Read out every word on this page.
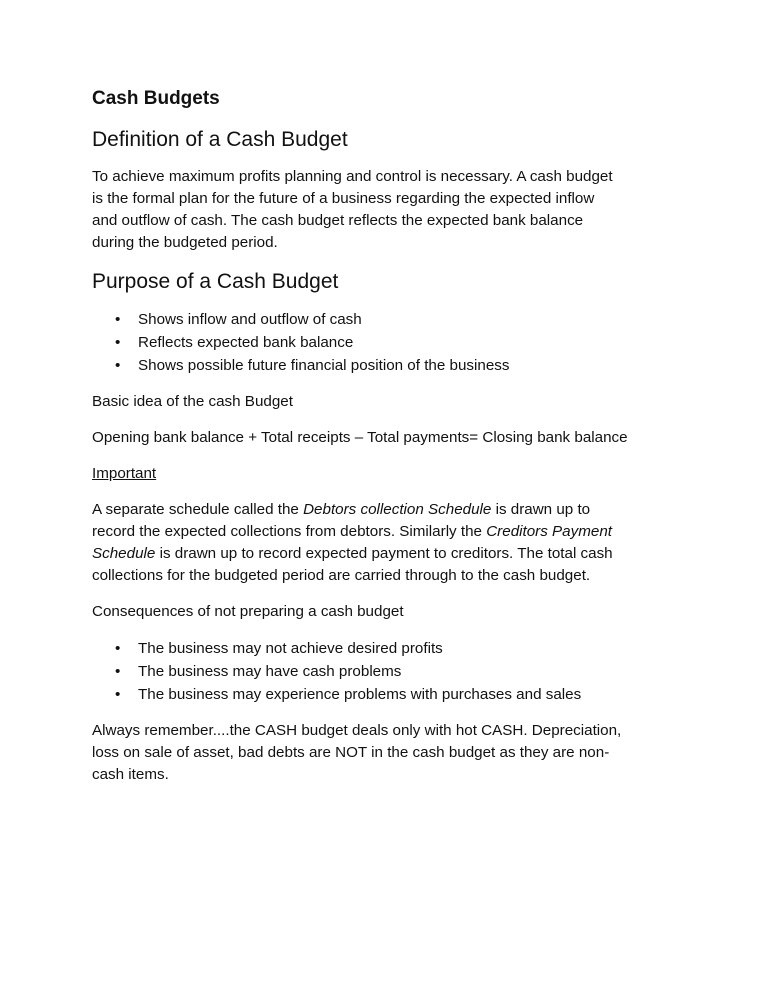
Cash Budgets
Definition of a Cash Budget
To achieve maximum profits planning and control is necessary. A cash budget
is the formal plan for the future of a business regarding the expected inflow
and outflow of cash. The cash budget reflects the expected bank balance
during the budgeted period.
Purpose of a Cash Budget
• Shows inflow and outflow of cash
• Reflects expected bank balance
• Shows possible future financial position of the business
Basic idea of the cash Budget
Opening bank balance + Total receipts – Total payments= Closing bank balance
Important
A separate schedule called the Debtors collection Schedule is drawn up to
record the expected collections from debtors. Similarly the Creditors Payment
Schedule is drawn up to record expected payment to creditors. The total cash
collections for the budgeted period are carried through to the cash budget.
Consequences of not preparing a cash budget
• The business may not achieve desired profits
• The business may have cash problems
• The business may experience problems with purchases and sales
Always remember....the CASH budget deals only with hot CASH. Depreciation,
loss on sale of asset, bad debts are NOT in the cash budget as they are non-
cash items.
